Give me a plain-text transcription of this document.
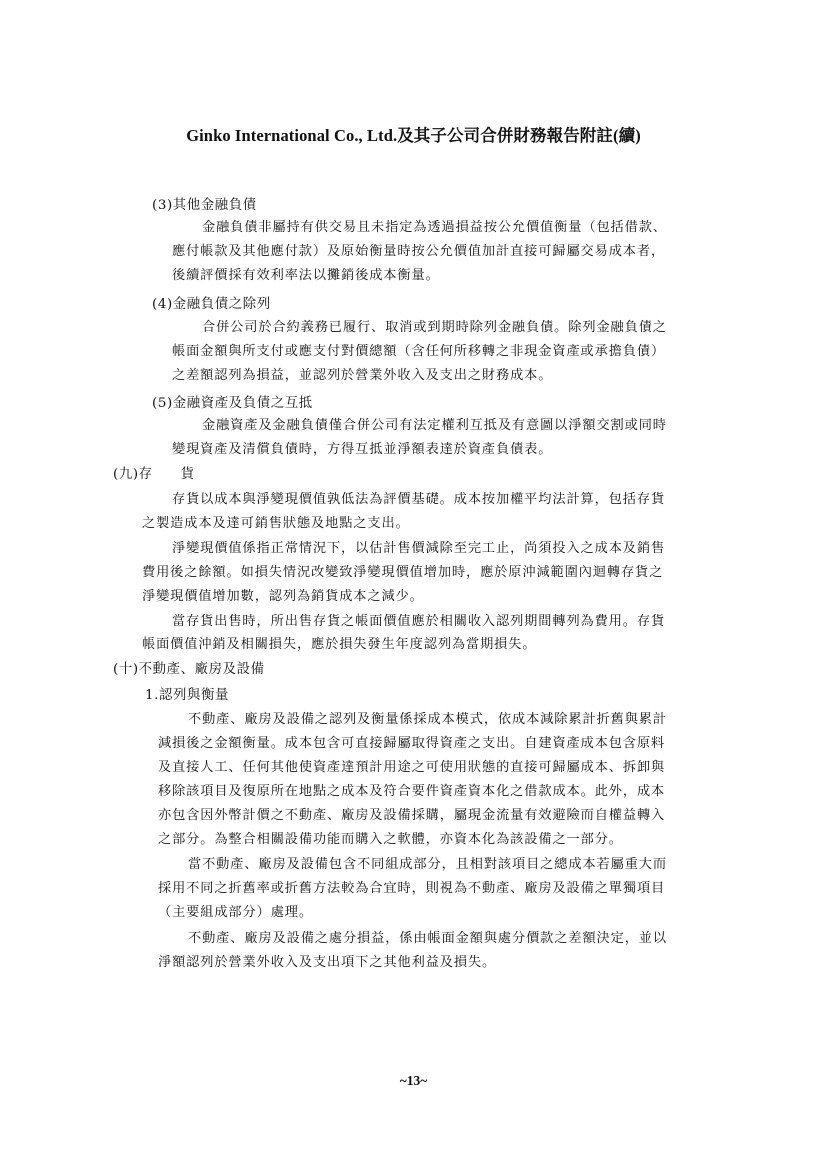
Ginko International Co., Ltd.及其子公司合併財務報告附註(續)
(3)其他金融負債
金融負債非屬持有供交易且未指定為透過損益按公允價值衡量（包括借款、
應付帳款及其他應付款）及原始衡量時按公允價值加計直接可歸屬交易成本者，
後續評價採有效利率法以攤銷後成本衡量。
(4)金融負債之除列
合併公司於合約義務已履行、取消或到期時除列金融負債。除列金融負債之
帳面金額與所支付或應支付對價總額（含任何所移轉之非現金資產或承擔負債）
之差額認列為損益，並認列於營業外收入及支出之財務成本。
(5)金融資產及負債之互抵
金融資產及金融負債僅合併公司有法定權利互抵及有意圖以淨額交割或同時
變現資產及清償負債時，方得互抵並淨額表達於資產負債表。
(九)存　　貨
存貨以成本與淨變現價值孰低法為評價基礎。成本按加權平均法計算，包括存貨
之製造成本及達可銷售狀態及地點之支出。
淨變現價值係指正常情況下，以估計售價減除至完工止，尚須投入之成本及銷售
費用後之餘額。如損失情況改變致淨變現價值增加時，應於原沖減範圍內迴轉存貨之
淨變現價值增加數，認列為銷貨成本之減少。
當存貨出售時，所出售存貨之帳面價值應於相關收入認列期間轉列為費用。存貨
帳面價值沖銷及相關損失，應於損失發生年度認列為當期損失。
(十)不動產、廠房及設備
1.認列與衡量
不動產、廠房及設備之認列及衡量係採成本模式，依成本減除累計折舊與累計
減損後之金額衡量。成本包含可直接歸屬取得資產之支出。自建資產成本包含原料
及直接人工、任何其他使資產達預計用途之可使用狀態的直接可歸屬成本、拆卸與
移除該項目及復原所在地點之成本及符合要件資產資本化之借款成本。此外，成本
亦包含因外幣計價之不動產、廠房及設備採購，屬現金流量有效避險而自權益轉入
之部分。為整合相關設備功能而購入之軟體，亦資本化為該設備之一部分。
當不動產、廠房及設備包含不同組成部分，且相對該項目之總成本若屬重大而
採用不同之折舊率或折舊方法較為合宜時，則視為不動產、廠房及設備之單獨項目
（主要組成部分）處理。
不動產、廠房及設備之處分損益，係由帳面金額與處分價款之差額決定，並以
淨額認列於營業外收入及支出項下之其他利益及損失。
~13~
